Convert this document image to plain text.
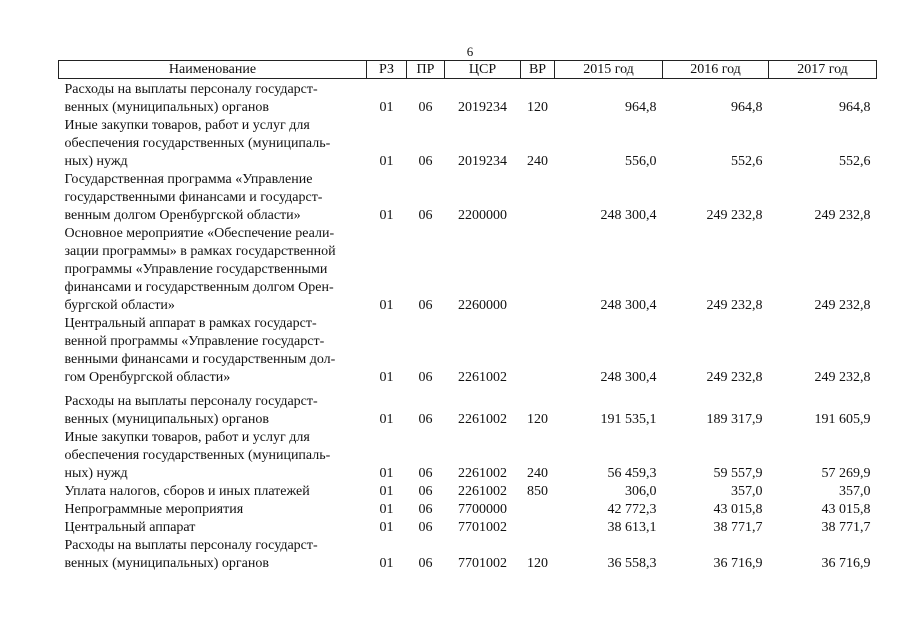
6
Наименование	РЗ	ПР	ЦСР	ВР	2015 год	2016 год	2017 год

Расходы на выплаты персоналу государст-
венных (муниципальных) органов	01	06	2019234	120	964,8	964,8	964,8

Иные закупки товаров, работ и услуг для
обеспечения государственных (муниципаль-
ных) нужд	01	06	2019234	240	556,0	552,6	552,6

Государственная программа «Управление
государственными финансами и государст-
венным долгом Оренбургской области»	01	06	2200000		248 300,4	249 232,8	249 232,8

Основное мероприятие «Обеспечение реали-
зации программы» в рамках государственной
программы «Управление государственными
финансами и государственным долгом Орен-
бургской области»	01	06	2260000		248 300,4	249 232,8	249 232,8

Центральный аппарат в рамках государст-
венной программы «Управление государст-
венными финансами и государственным дол-
гом Оренбургской области»	01	06	2261002		248 300,4	249 232,8	249 232,8

Расходы на выплаты персоналу государст-
венных (муниципальных) органов	01	06	2261002	120	191 535,1	189 317,9	191 605,9

Иные закупки товаров, работ и услуг для
обеспечения государственных (муниципаль-
ных) нужд	01	06	2261002	240	56 459,3	59 557,9	57 269,9

Уплата налогов, сборов и иных платежей	01	06	2261002	850	306,0	357,0	357,0

Непрограммные мероприятия	01	06	7700000		42 772,3	43 015,8	43 015,8

Центральный аппарат	01	06	7701002		38 613,1	38 771,7	38 771,7

Расходы на выплаты персоналу государст-
венных (муниципальных) органов	01	06	7701002	120	36 558,3	36 716,9	36 716,9
